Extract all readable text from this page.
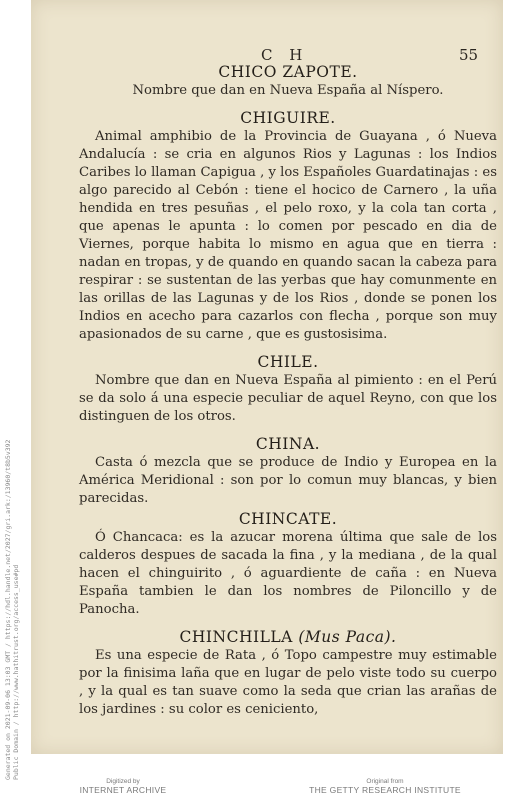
Generated on 2021-09-06 13:03 GMT / https://hdl.handle.net/2027/gri.ark:/13960/t8b5v392 Public Domain / http://www.hathitrust.org/access_use#pd
C H	55
CHICO ZAPOTE.
Nombre que dan en Nueva España al Níspero.
CHIGUIRE.
Animal amphibio de la Provincia de Guayana , ó Nueva Andalucía : se cria en algunos Rios y Lagunas : los Indios Caribes lo llaman Capigua , y los Españoles Guardatinajas : es algo parecido al Cebón : tiene el hocico de Carnero , la uña hendida en tres pesuñas , el pelo roxo, y la cola tan corta , que apenas le apunta : lo comen por pescado en dia de Viernes, porque habita lo mismo en agua que en tierra : nadan en tropas, y de quando en quando sacan la cabeza para respirar : se sustentan de las yerbas que hay comunmente en las orillas de las Lagunas y de los Rios , donde se ponen los Indios en acecho para cazarlos con flecha , porque son muy apasionados de su carne , que es gustosisima.
CHILE.
Nombre que dan en Nueva España al pimiento : en el Perú se da solo á una especie peculiar de aquel Reyno, con que los distinguen de los otros.
CHINA.
Casta ó mezcla que se produce de Indio y Europea en la América Meridional : son por lo comun muy blancas, y bien parecidas.
CHINCATE.
Ó Chancaca: es la azucar morena última que sale de los calderos despues de sacada la fina , y la mediana , de la qual hacen el chinguirito , ó aguardiente de caña : en Nueva España tambien le dan los nombres de Piloncillo y de Panocha.
CHINCHILLA (Mus Paca).
Es una especie de Rata , ó Topo campestre muy estimable por la finisima laña que en lugar de pelo viste todo su cuerpo , y la qual es tan suave como la seda que crian las arañas de los jardines : su color es ceniciento,
Digitized by
INTERNET ARCHIVE
Original from
THE GETTY RESEARCH INSTITUTE
